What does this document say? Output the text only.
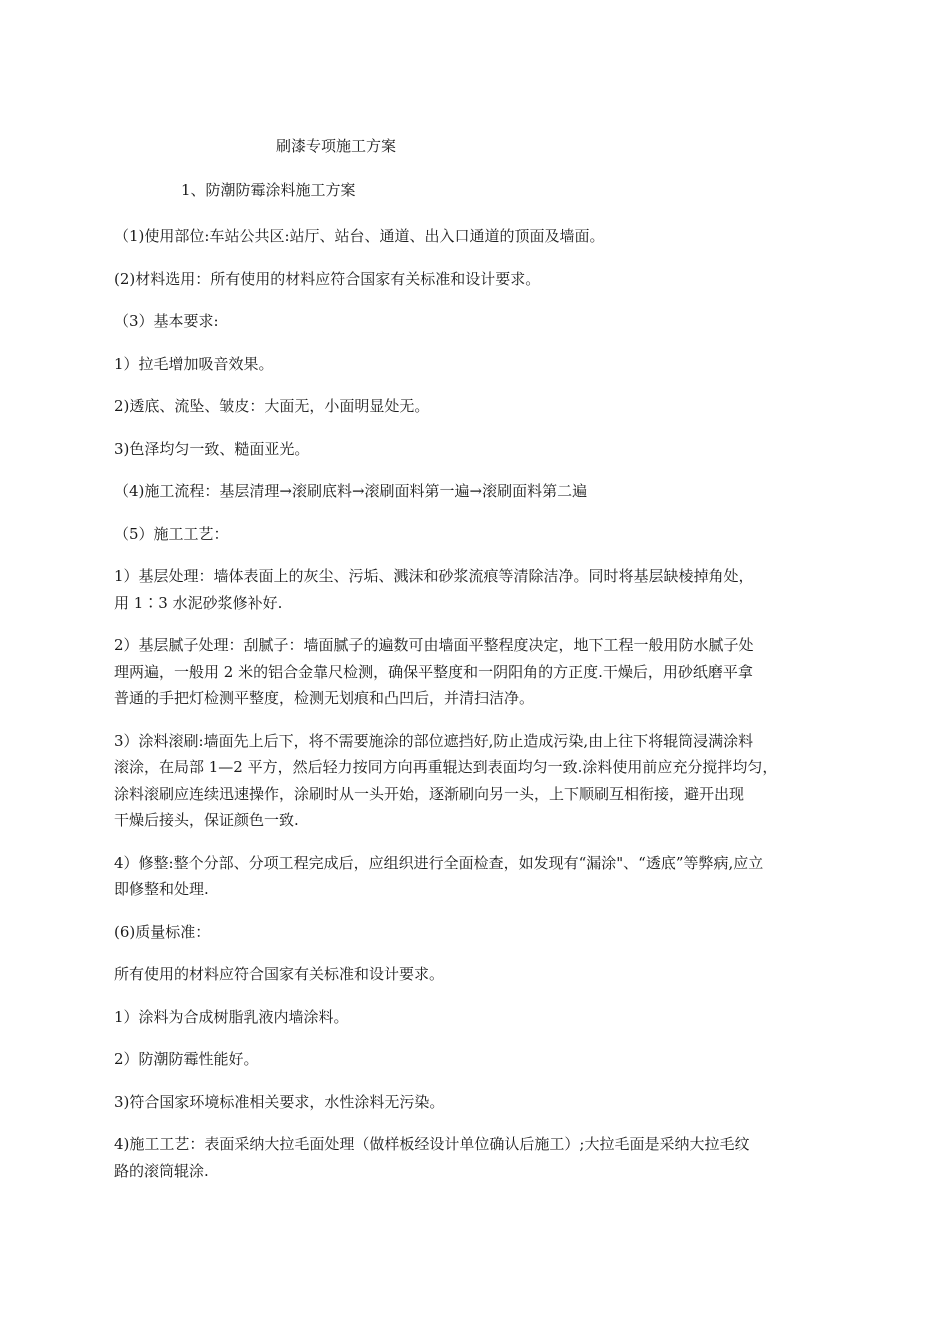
刷漆专项施工方案
1、防潮防霉涂料施工方案
（1)使用部位:车站公共区:站厅、站台、通道、出入口通道的顶面及墙面。
(2)材料选用：所有使用的材料应符合国家有关标准和设计要求。
（3）基本要求:
1）拉毛增加吸音效果。
2)透底、流坠、皱皮：大面无，小面明显处无。
3)色泽均匀一致、糙面亚光。
（4)施工流程：基层清理→滚刷底料→滚刷面料第一遍→滚刷面料第二遍
（5）施工工艺：
1）基层处理：墙体表面上的灰尘、污垢、溅沫和砂浆流痕等清除洁净。同时将基层缺棱掉角处，
用 1∶3 水泥砂浆修补好.
2）基层腻子处理：刮腻子：墙面腻子的遍数可由墙面平整程度决定，地下工程一般用防水腻子处
理两遍，一般用 2 米的铝合金靠尺检测，确保平整度和一阴阳角的方正度.干燥后，用砂纸磨平拿
普通的手把灯检测平整度，检测无划痕和凸凹后，并清扫洁净。
3）涂料滚刷:墙面先上后下，将不需要施涂的部位遮挡好,防止造成污染,由上往下将辊筒浸满涂料
滚涂，在局部 1—2 平方，然后轻力按同方向再重辊达到表面均匀一致.涂料使用前应充分搅拌均匀，
涂料滚刷应连续迅速操作，涂刷时从一头开始，逐渐刷向另一头，上下顺刷互相衔接，避开出现
干燥后接头，保证颜色一致.
4）修整:整个分部、分项工程完成后，应组织进行全面检查，如发现有“漏涂"、“透底”等弊病,应立
即修整和处理.
(6)质量标准：
所有使用的材料应符合国家有关标准和设计要求。
1）涂料为合成树脂乳液内墙涂料。
2）防潮防霉性能好。
3)符合国家环境标准相关要求，水性涂料无污染。
4)施工工艺：表面采纳大拉毛面处理（做样板经设计单位确认后施工）;大拉毛面是采纳大拉毛纹
路的滚筒辊涂.
